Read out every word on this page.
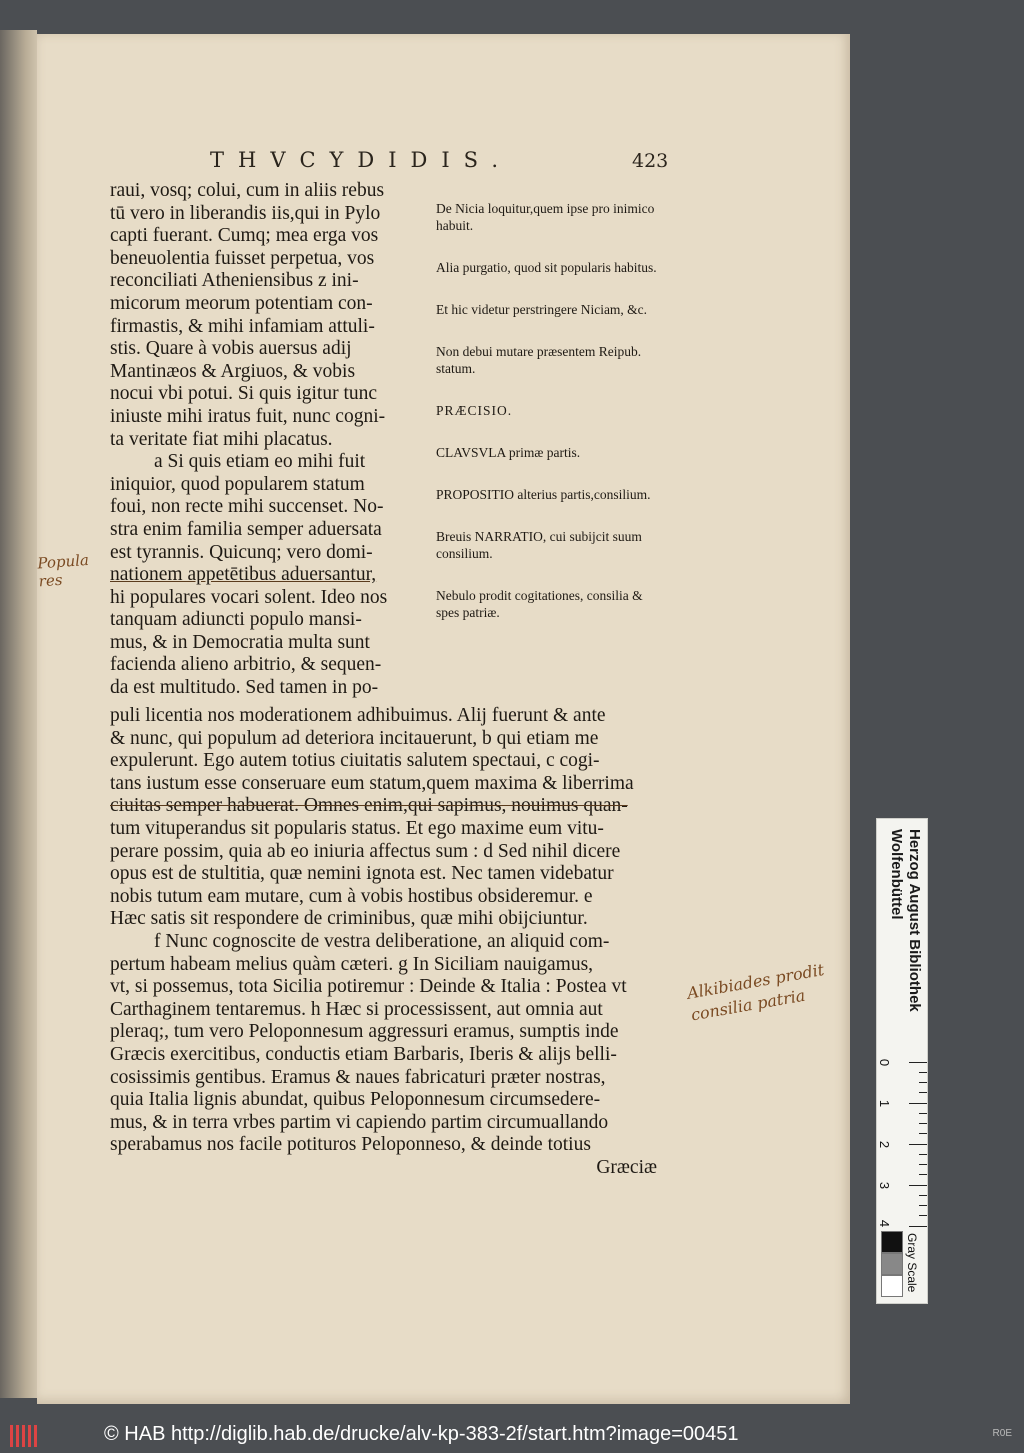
THVCYDIDIS.	423
raui, vosq; colui, cum in aliis rebus
tū vero in liberandis iis,qui in Pylo
capti fuerant. Cumq; mea erga vos
beneuolentia fuisset perpetua, vos
reconciliati Atheniensibus z ini-
micorum meorum potentiam con-
firmastis, & mihi infamiam attuli-
stis. Quare à vobis auersus adij
Mantinæos & Argiuos, & vobis
nocui vbi potui. Si quis igitur tunc
iniuste mihi iratus fuit, nunc cogni-
ta veritate fiat mihi placatus.
a Si quis etiam eo mihi fuit
iniquior, quod popularem statum
foui, non recte mihi succenset. No-
stra enim familia semper aduersata
est tyrannis. Quicunq; vero domi-
nationem appetētibus aduersantur,
hi populares vocari solent. Ideo nos
tanquam adiuncti populo mansi-
mus, & in Democratia multa sunt
facienda alieno arbitrio, & sequen-
da est multitudo. Sed tamen in po-
De Nicia loquitur,quem ipse pro inimico habuit.
Alia purgatio, quod sit popularis habitus.
Et hic videtur perstringere Niciam, &c.
Non debui mutare præsentem Reipub. statum.
PRÆCISIO.
CLAVSVLA primæ partis.
PROPOSITIO alterius partis,consilium.
Breuis NARRATIO, cui subijcit suum consilium.
Nebulo prodit cogitationes, consilia & spes patriæ.
puli licentia nos moderationem adhibuimus. Alij fuerunt & ante
& nunc, qui populum ad deteriora incitauerunt, b qui etiam me
expulerunt. Ego autem totius ciuitatis salutem spectaui, c cogi-
tans iustum esse conseruare eum statum,quem maxima & liberrima
ciuitas semper habuerat. Omnes enim,qui sapimus, nouimus quan-
tum vituperandus sit popularis status. Et ego maxime eum vitu-
perare possim, quia ab eo iniuria affectus sum : d Sed nihil dicere
opus est de stultitia, quæ nemini ignota est. Nec tamen videbatur
nobis tutum eam mutare, cum à vobis hostibus obsideremur. e
Hæc satis sit respondere de criminibus, quæ mihi obijciuntur.
f Nunc cognoscite de vestra deliberatione, an aliquid com-
pertum habeam melius quàm cæteri. g In Siciliam nauigamus,
vt, si possemus, tota Sicilia potiremur : Deinde & Italia : Postea vt
Carthaginem tentaremus. h Hæc si processissent, aut omnia aut
pleraq;, tum vero Peloponnesum aggressuri eramus, sumptis inde
Græcis exercitibus, conductis etiam Barbaris, Iberis & alijs belli-
cosissimis gentibus. Eramus & naues fabricaturi præter nostras,
quia Italia lignis abundat, quibus Peloponnesum circumsedere-
mus, & in terra vrbes partim vi capiendo partim circumuallando
sperabamus nos facile potituros Peloponneso, & deinde totius
Græciæ
Popula res
Alkibiades prodit consilia patria	Herzog August Bibliothek Wolfenbüttel
0
1
2
3
4
Gray Scale
© HAB http://diglib.hab.de/drucke/alv-kp-383-2f/start.htm?image=00451	R0E
